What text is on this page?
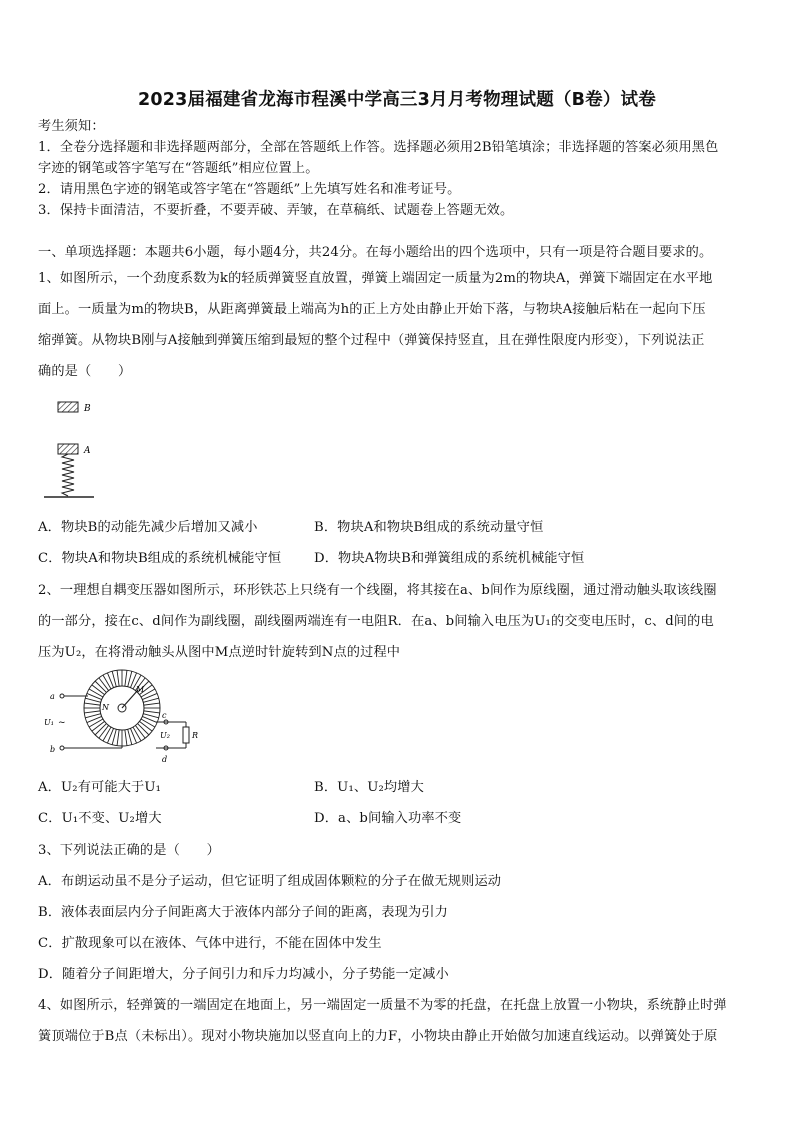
2023届福建省龙海市程溪中学高三3月月考物理试题（B卷）试卷
考生须知：
1．全卷分选择题和非选择题两部分，全部在答题纸上作答。选择题必须用2B铅笔填涂；非选择题的答案必须用黑色
字迹的钢笔或答字笔写在“答题纸”相应位置上。
2．请用黑色字迹的钢笔或答字笔在“答题纸”上先填写姓名和准考证号。
3．保持卡面清洁，不要折叠，不要弄破、弄皱，在草稿纸、试题卷上答题无效。
一、单项选择题：本题共6小题，每小题4分，共24分。在每小题给出的四个选项中，只有一项是符合题目要求的。
1、如图所示，一个劲度系数为k的轻质弹簧竖直放置，弹簧上端固定一质量为2m的物块A，弹簧下端固定在水平地
面上。一质量为m的物块B，从距离弹簧最上端高为h的正上方处由静止开始下落，与物块A接触后粘在一起向下压
缩弹簧。从物块B刚与A接触到弹簧压缩到最短的整个过程中（弹簧保持竖直，且在弹性限度内形变），下列说法正
确的是（　　）
B
A
A．物块B的动能先减少后增加又减小	B．物块A和物块B组成的系统动量守恒
C．物块A和物块B组成的系统机械能守恒 D．物块A物块B和弹簧组成的系统机械能守恒
2、一理想自耦变压器如图所示，环形铁芯上只绕有一个线圈，将其接在a、b间作为原线圈，通过滑动触头取该线圈
的一部分，接在c、d间作为副线圈，副线圈两端连有一电阻R．在a、b间输入电压为U₁的交变电压时，c、d间的电
压为U₂，在将滑动触头从图中M点逆时针旋转到N点的过程中
M
N
a
b
U₁ ~
c
d
U₂	R
A．U₂有可能大于U₁	B．U₁、U₂均增大
C．U₁不变、U₂增大	D．a、b间输入功率不变
3、下列说法正确的是（　　）
A．布朗运动虽不是分子运动，但它证明了组成固体颗粒的分子在做无规则运动
B．液体表面层内分子间距离大于液体内部分子间的距离，表现为引力
C．扩散现象可以在液体、气体中进行，不能在固体中发生
D．随着分子间距增大，分子间引力和斥力均减小，分子势能一定减小
4、如图所示，轻弹簧的一端固定在地面上，另一端固定一质量不为零的托盘，在托盘上放置一小物块，系统静止时弹
簧顶端位于B点（未标出）。现对小物块施加以竖直向上的力F，小物块由静止开始做匀加速直线运动。以弹簧处于原
